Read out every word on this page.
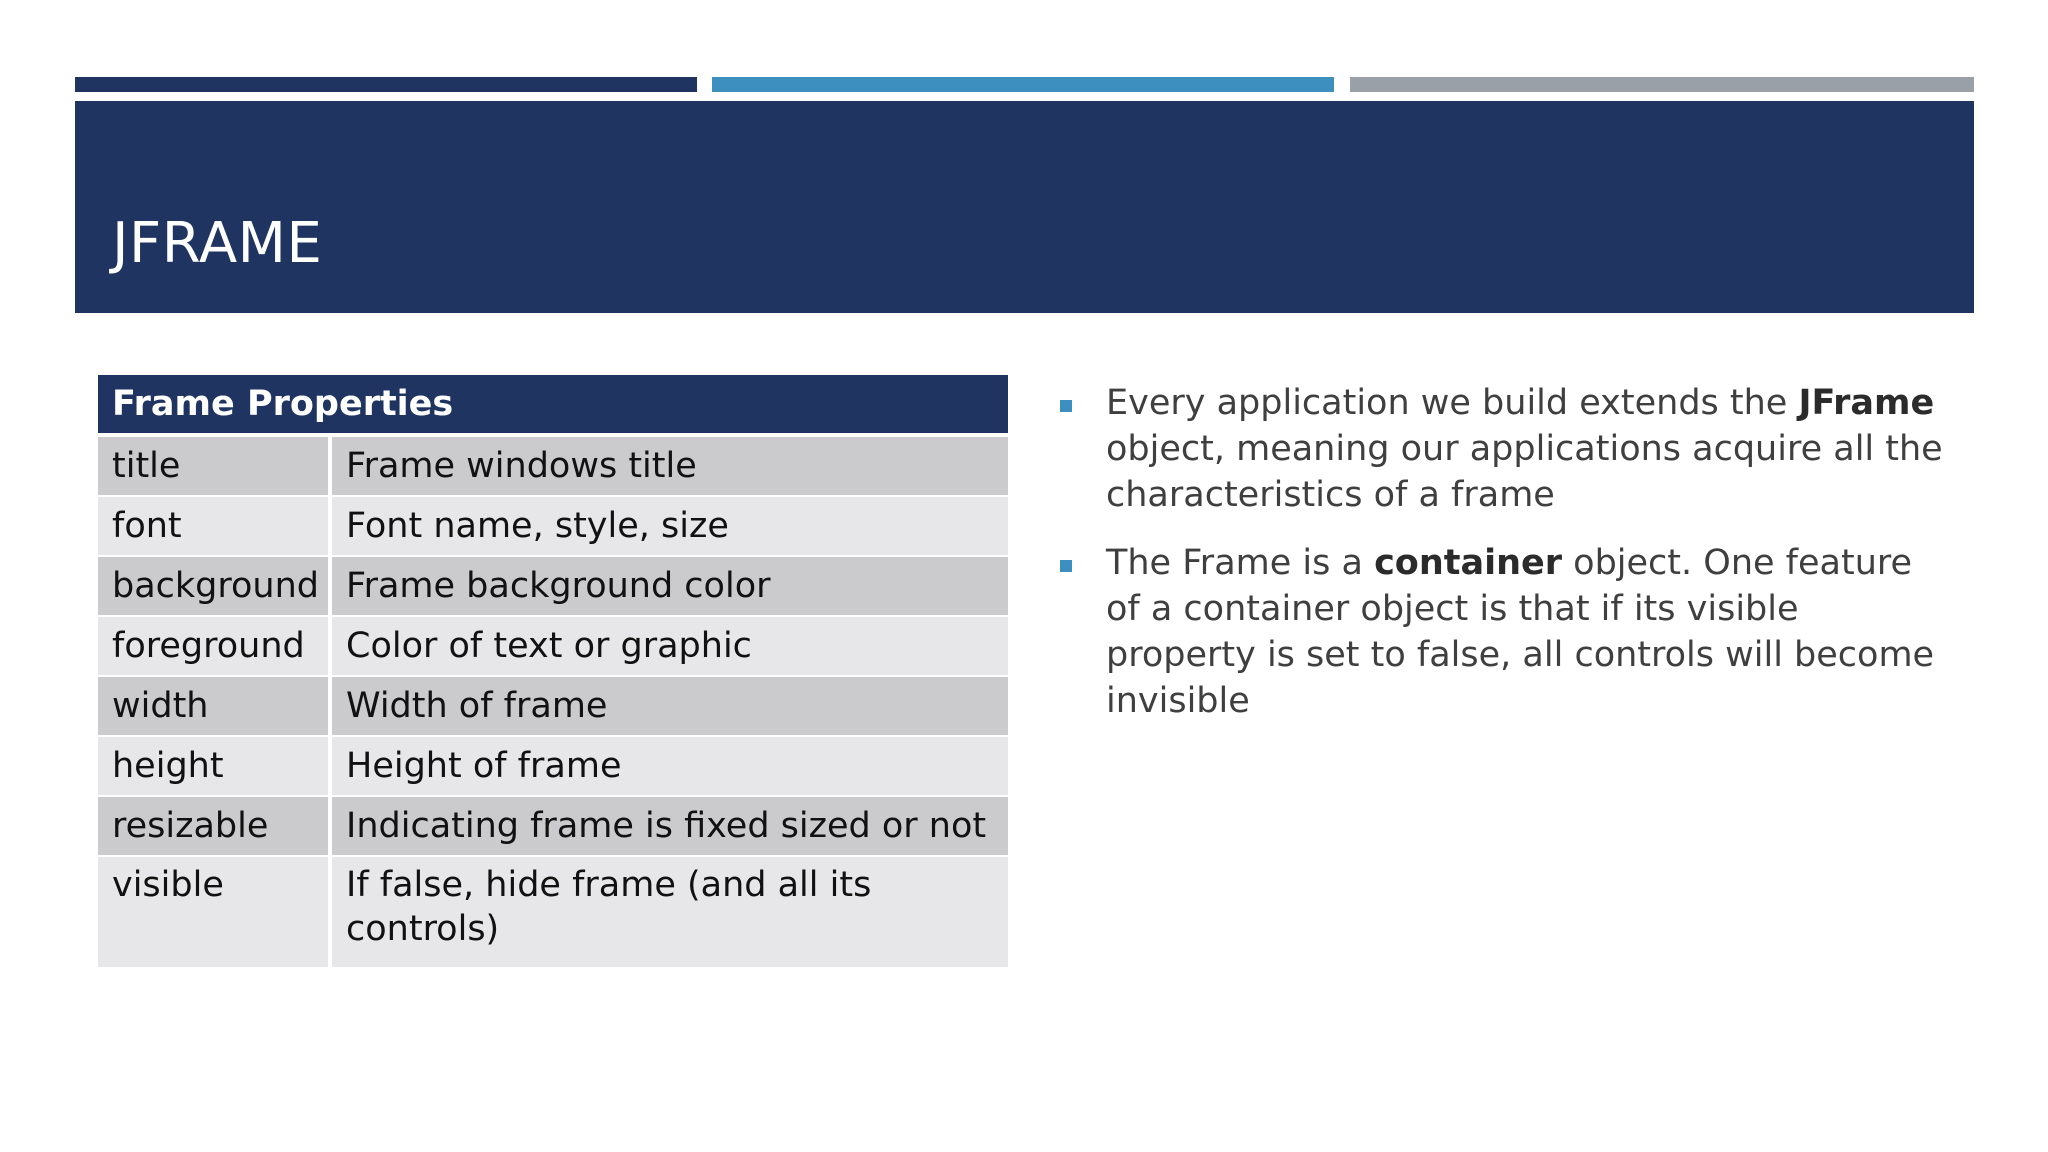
JFRAME
Frame Properties	
title	Frame windows title
font	Font name, style, size
background	Frame background color
foreground	Color of text or graphic
width	Width of frame
height	Height of frame
resizable	Indicating frame is fixed sized or not
visible	If false, hide frame (and all its controls)
Every application we build extends the JFrame object, meaning our applications acquire all the characteristics of a frame
The Frame is a container object. One feature of a container object is that if its visible property is set to false, all controls will become invisible
